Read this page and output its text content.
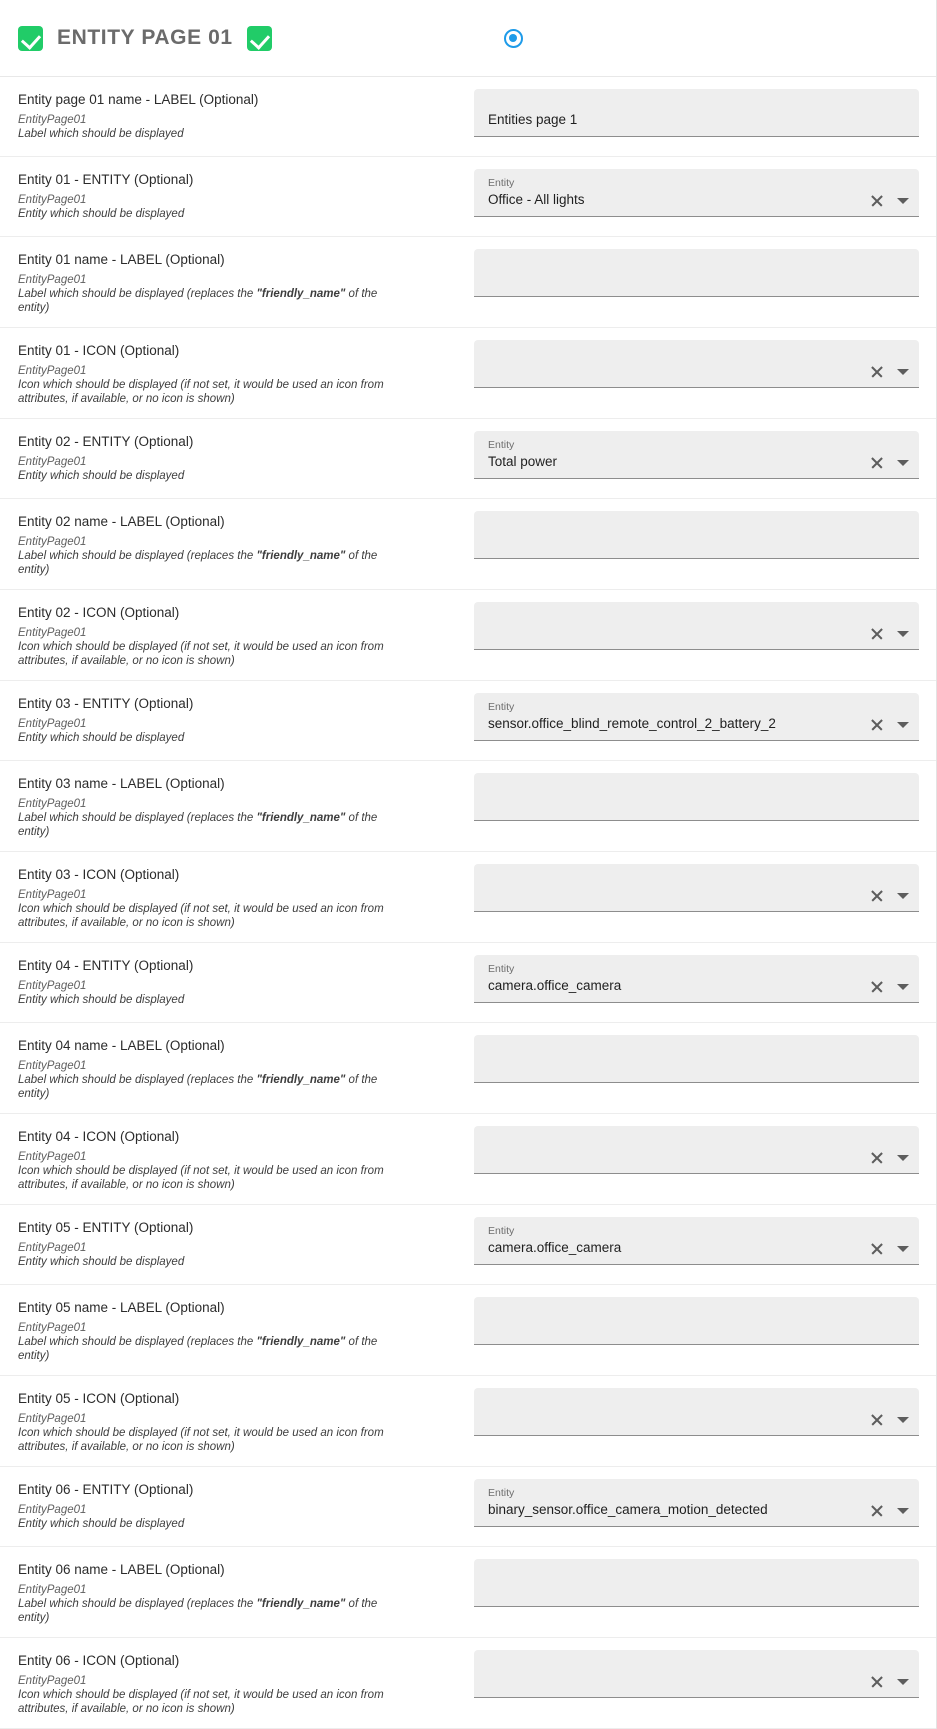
ENTITY PAGE 01
Entity page 01 name - LABEL (Optional)
EntityPage01
Label which should be displayed
Entities page 1
Entity 01 - ENTITY (Optional)
EntityPage01
Entity which should be displayed
Entity
Office - All lights
Entity 01 name - LABEL (Optional)
EntityPage01
Label which should be displayed (replaces the "friendly_name" of the entity)
Entity 01 - ICON (Optional)
EntityPage01
Icon which should be displayed (if not set, it would be used an icon from attributes, if available, or no icon is shown)
Entity 02 - ENTITY (Optional)
EntityPage01
Entity which should be displayed
Entity
Total power
Entity 02 name - LABEL (Optional)
EntityPage01
Label which should be displayed (replaces the "friendly_name" of the entity)
Entity 02 - ICON (Optional)
EntityPage01
Icon which should be displayed (if not set, it would be used an icon from attributes, if available, or no icon is shown)
Entity 03 - ENTITY (Optional)
EntityPage01
Entity which should be displayed
Entity
sensor.office_blind_remote_control_2_battery_2
Entity 03 name - LABEL (Optional)
EntityPage01
Label which should be displayed (replaces the "friendly_name" of the entity)
Entity 03 - ICON (Optional)
EntityPage01
Icon which should be displayed (if not set, it would be used an icon from attributes, if available, or no icon is shown)
Entity 04 - ENTITY (Optional)
EntityPage01
Entity which should be displayed
Entity
camera.office_camera
Entity 04 name - LABEL (Optional)
EntityPage01
Label which should be displayed (replaces the "friendly_name" of the entity)
Entity 04 - ICON (Optional)
EntityPage01
Icon which should be displayed (if not set, it would be used an icon from attributes, if available, or no icon is shown)
Entity 05 - ENTITY (Optional)
EntityPage01
Entity which should be displayed
Entity
camera.office_camera
Entity 05 name - LABEL (Optional)
EntityPage01
Label which should be displayed (replaces the "friendly_name" of the entity)
Entity 05 - ICON (Optional)
EntityPage01
Icon which should be displayed (if not set, it would be used an icon from attributes, if available, or no icon is shown)
Entity 06 - ENTITY (Optional)
EntityPage01
Entity which should be displayed
Entity
binary_sensor.office_camera_motion_detected
Entity 06 name - LABEL (Optional)
EntityPage01
Label which should be displayed (replaces the "friendly_name" of the entity)
Entity 06 - ICON (Optional)
EntityPage01
Icon which should be displayed (if not set, it would be used an icon from attributes, if available, or no icon is shown)
